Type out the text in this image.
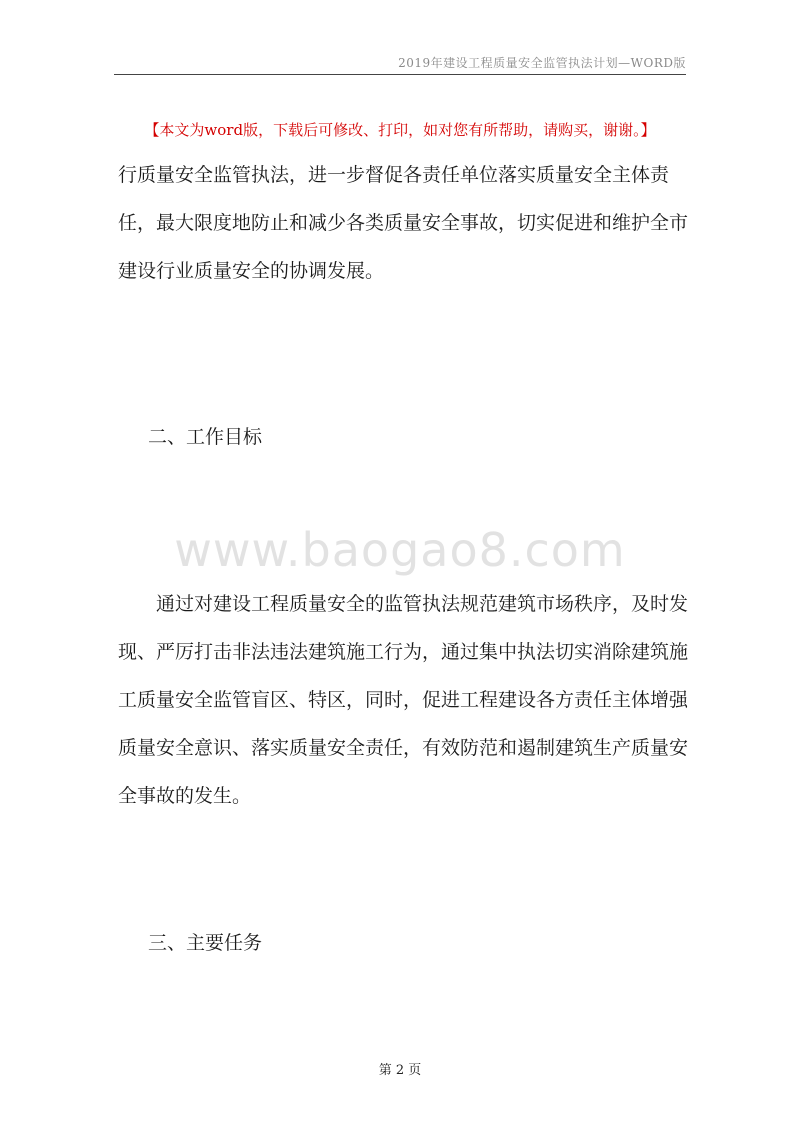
2019年建设工程质量安全监管执法计划—WORD版
【本文为word版，下载后可修改、打印，如对您有所帮助，请购买，谢谢。】
行质量安全监管执法，进一步督促各责任单位落实质量安全主体责
任，最大限度地防止和减少各类质量安全事故，切实促进和维护全市
建设行业质量安全的协调发展。
二、工作目标
www.baogao8.com
通过对建设工程质量安全的监管执法规范建筑市场秩序，及时发
现、严厉打击非法违法建筑施工行为，通过集中执法切实消除建筑施
工质量安全监管盲区、特区，同时，促进工程建设各方责任主体增强
质量安全意识、落实质量安全责任，有效防范和遏制建筑生产质量安
全事故的发生。
三、主要任务
第 2 页
